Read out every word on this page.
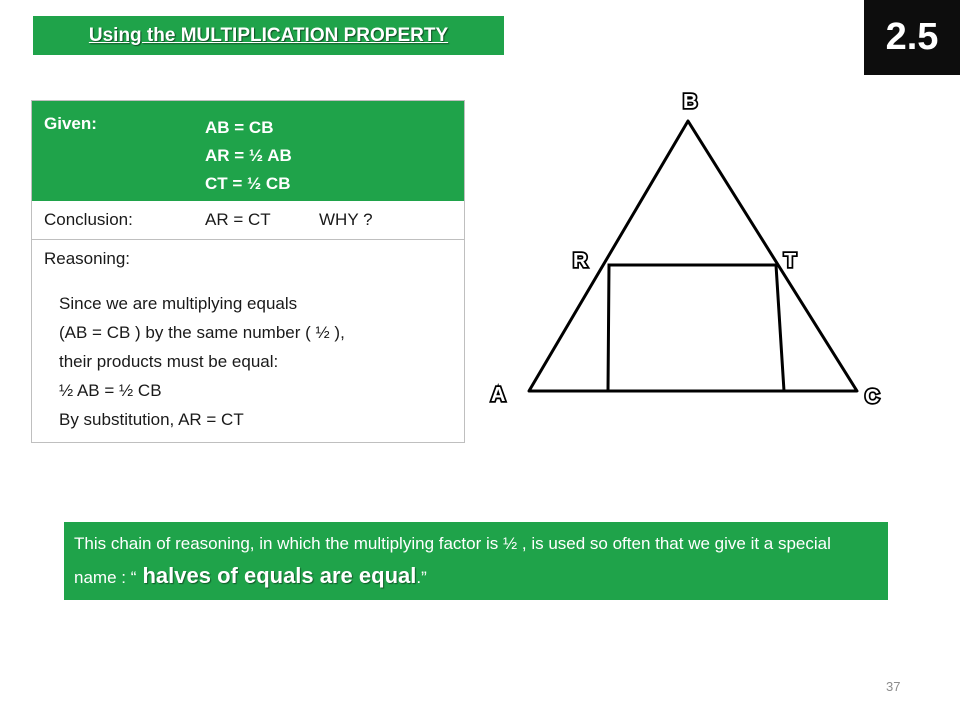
Using the MULTIPLICATION PROPERTY	2.5
Given:	AB = CB
AR = ½ AB
CT = ½ CB
Conclusion:	AR = CT	WHY ?
Reasoning:
Since we are multiplying equals
(AB = CB ) by the same number ( ½ ),
their products must be equal:
½ AB = ½ CB
By substitution, AR = CT
B
R	T
A	C
This chain of reasoning, in which the multiplying factor is ½ , is used so often that we give it a special name : “ halves of equals are equal.”
37
